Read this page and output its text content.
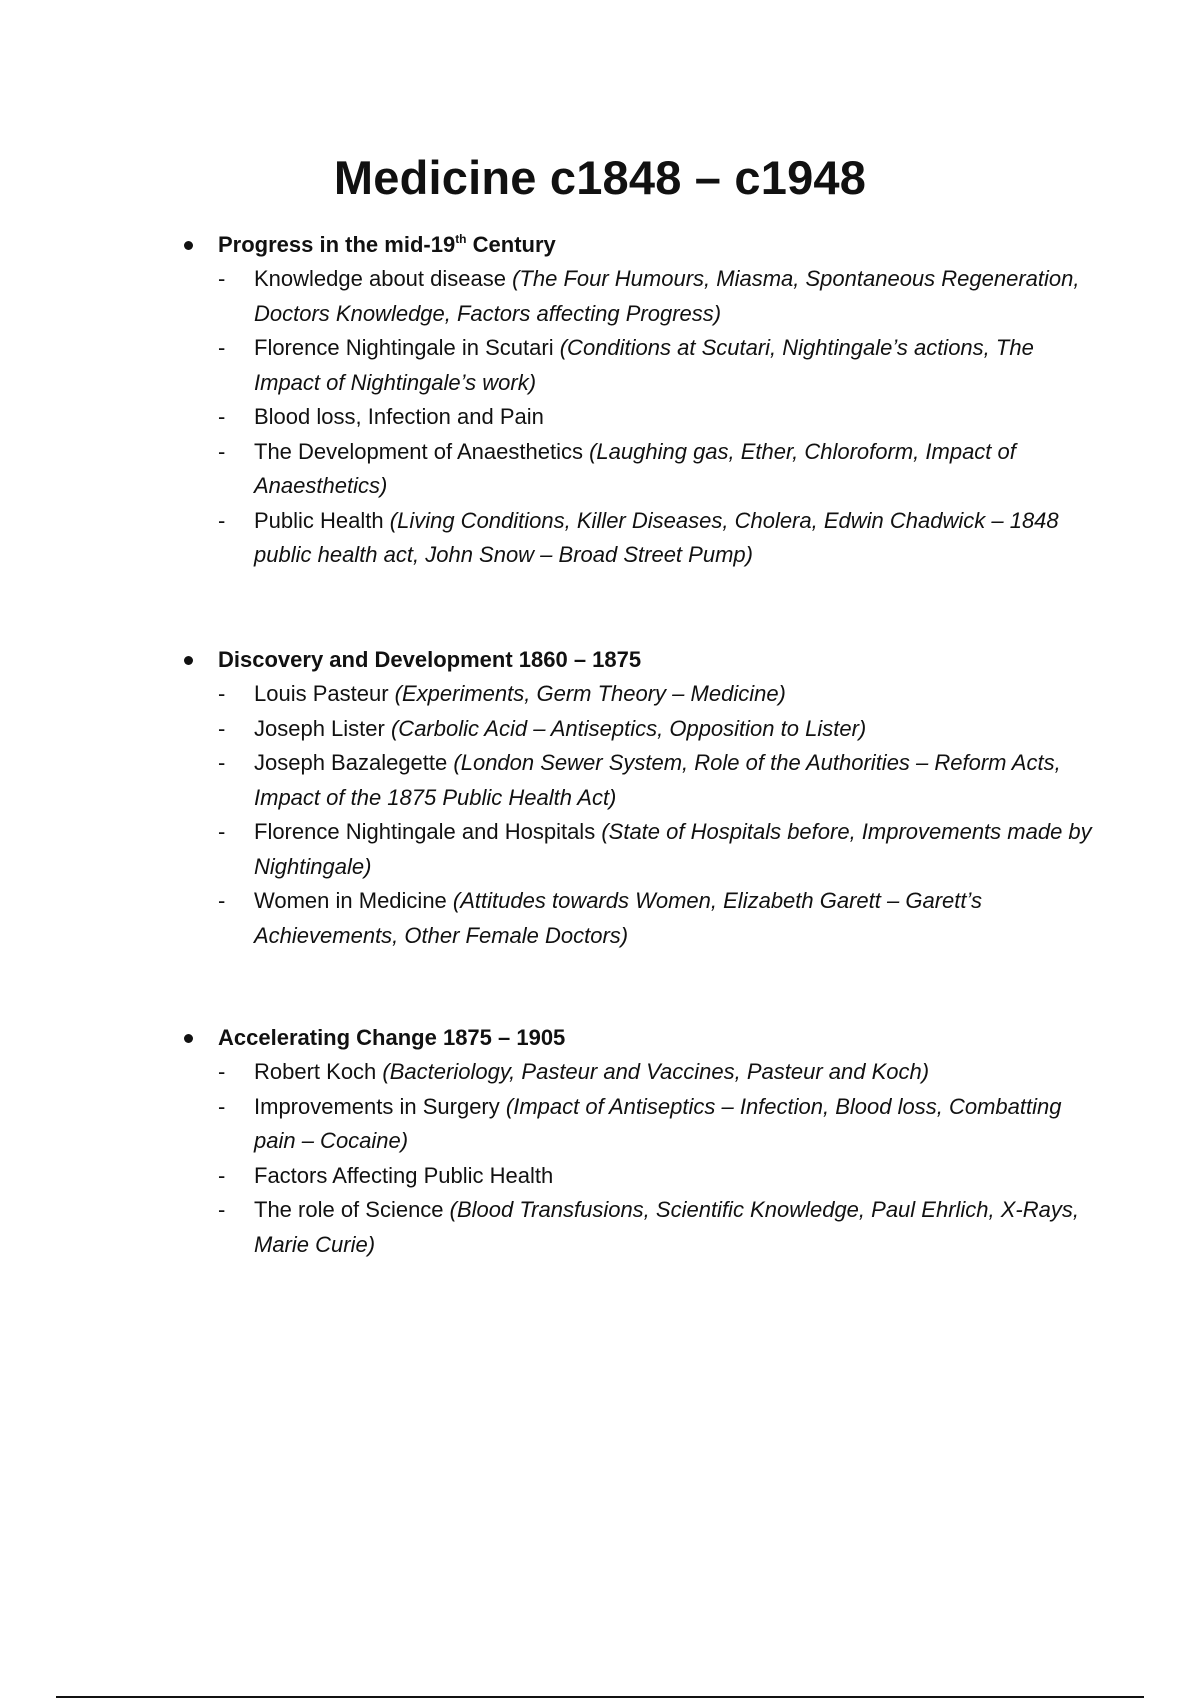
Medicine c1848 – c1948
Progress in the mid-19th Century
-	Knowledge about disease (The Four Humours, Miasma, Spontaneous Regeneration, Doctors Knowledge, Factors affecting Progress)
-	Florence Nightingale in Scutari (Conditions at Scutari, Nightingale’s actions, The Impact of Nightingale’s work)
-	Blood loss, Infection and Pain
-	The Development of Anaesthetics (Laughing gas, Ether, Chloroform, Impact of Anaesthetics)
-	Public Health (Living Conditions, Killer Diseases, Cholera, Edwin Chadwick – 1848 public health act, John Snow – Broad Street Pump)
Discovery and Development 1860 – 1875
-	Louis Pasteur (Experiments, Germ Theory – Medicine)
-	Joseph Lister (Carbolic Acid – Antiseptics, Opposition to Lister)
-	Joseph Bazalegette (London Sewer System, Role of the Authorities – Reform Acts, Impact of the 1875 Public Health Act)
-	Florence Nightingale and Hospitals (State of Hospitals before, Improvements made by Nightingale)
-	Women in Medicine (Attitudes towards Women, Elizabeth Garett – Garett’s Achievements, Other Female Doctors)
Accelerating Change 1875 – 1905
-	Robert Koch (Bacteriology, Pasteur and Vaccines, Pasteur and Koch)
-	Improvements in Surgery (Impact of Antiseptics – Infection, Blood loss, Combatting pain – Cocaine)
-	Factors Affecting Public Health
-	The role of Science (Blood Transfusions, Scientific Knowledge, Paul Ehrlich, X-Rays, Marie Curie)
